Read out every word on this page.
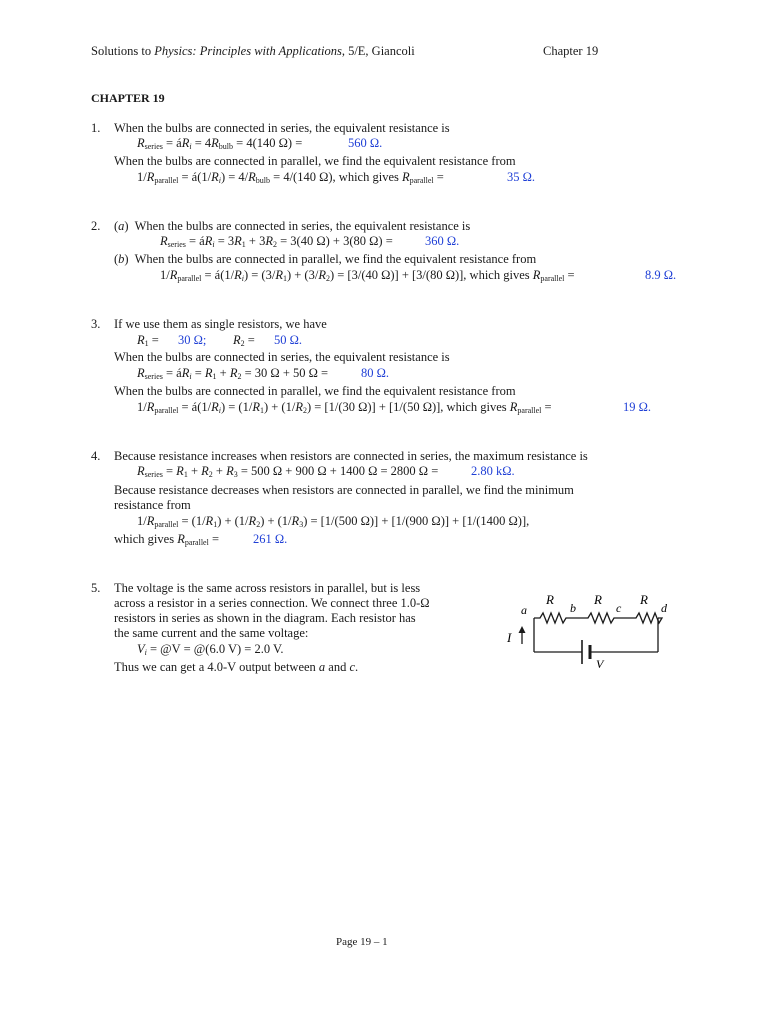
Solutions to Physics: Principles with Applications, 5/E, Giancoli	Chapter 19
CHAPTER 19
1. When the bulbs are connected in series, the equivalent resistance is
$R_{series}$ = $áR_i = 4R_{bulb} = 4(140$ Ω) =	560 Ω.
When the bulbs are connected in parallel, we find the equivalent resistance from
$1/R_{parallel}$ = $á(1/R_i) = 4/R_{bulb} = 4/(140$ Ω), which gives $R_{parallel}$ =	35 Ω.
2. (a)  When the bulbs are connected in series, the equivalent resistance is
$R_{series}$ = $áR_i = 3R_1 + 3R_2 = 3(40$ Ω) + 3(80 Ω) =	360 Ω.
(b)  When the bulbs are connected in parallel, we find the equivalent resistance from
$1/R_{parallel}$ = $á(1/R_i) = (3/R_1) + (3/R_2) = [3/(40$ Ω)] + [3/(80 Ω)], which gives $R_{parallel}$ =	8.9 Ω.
3. If we use them as single resistors, we have
$R_1 = 30$ Ω; $R_2 = 50$ Ω.
When the bulbs are connected in series, the equivalent resistance is
$R_{series}$ = $áR_i = R_1 + R_2 = 30$ Ω + 50 Ω =	80 Ω.
When the bulbs are connected in parallel, we find the equivalent resistance from
$1/R_{parallel}$ = $á(1/R_i) = (1/R_1) + (1/R_2) = [1/(30$ Ω)] + [1/(50 Ω)], which gives $R_{parallel}$ =	19 Ω.
4. Because resistance increases when resistors are connected in series, the maximum resistance is
$R_{series} = R_1 + R_2 + R_3 = 500$ Ω + 900 Ω + 1400 Ω = 2800 Ω =	2.80 kΩ.
Because resistance decreases when resistors are connected in parallel, we find the minimum
resistance from
$1/R_{parallel} = (1/R_1) + (1/R_2) + (1/R_3) = [1/(500$ Ω)] + [1/(900 Ω)] + [1/(1400 Ω)],
which gives $R_{parallel}$ =	261 Ω.
5. The voltage is the same across resistors in parallel, but is less
across a resistor in a series connection. We connect three 1.0-Ω
resistors in series as shown in the diagram. Each resistor has
the same current and the same voltage:
$V_i$ = @V = @(6.0 V) = 2.0 V.
Thus we can get a 4.0-V output between a and c.
R	R	R
a	b	c	d
I
V
Page 19 – 1
